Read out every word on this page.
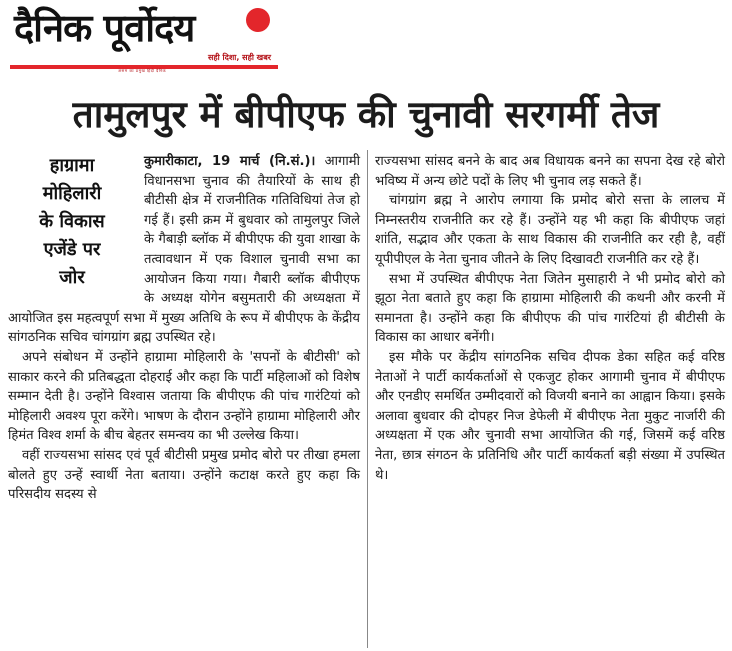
दैनिक पूर्वोदय
सही दिशा, सही खबर
असम का प्रमुख हिंदी दैनिक
तामुलपुर में बीपीएफ की चुनावी सरगर्मी तेज
हाग्रामा
मोहिलारी
के विकास
एजेंडे पर
जोर

कुमारीकाटा, 19 मार्च (नि.सं.)। आगामी विधानसभा चुनाव की तैयारियों के साथ ही बीटीसी क्षेत्र में राजनीतिक गतिविधियां तेज हो गई हैं। इसी क्रम में बुधवार को तामुलपुर जिले के गैबाड़ी ब्लॉक में बीपीएफ की युवा शाखा के तत्वावधान में एक विशाल चुनावी सभा का आयोजन किया गया। गैबारी ब्लॉक बीपीएफ के अध्यक्ष योगेन बसुमतारी की अध्यक्षता में आयोजित इस महत्वपूर्ण सभा में मुख्य अतिथि के रूप में बीपीएफ के केंद्रीय सांगठनिक सचिव चांगग्रांग ब्रह्म उपस्थित रहे।

अपने संबोधन में उन्होंने हाग्रामा मोहिलारी के 'सपनों के बीटीसी' को साकार करने की प्रतिबद्धता दोहराई और कहा कि पार्टी महिलाओं को विशेष सम्मान देती है। उन्होंने विश्वास जताया कि बीपीएफ की पांच गारंटियां को मोहिलारी अवश्य पूरा करेंगे। भाषण के दौरान उन्होंने हाग्रामा मोहिलारी और हिमंत विश्व शर्मा के बीच बेहतर समन्वय का भी उल्लेख किया।

वहीं राज्यसभा सांसद एवं पूर्व बीटीसी प्रमुख प्रमोद बोरो पर तीखा हमला बोलते हुए उन्हें स्वार्थी नेता बताया। उन्होंने कटाक्ष करते हुए कहा कि परिसदीय सदस्य से

राज्यसभा सांसद बनने के बाद अब विधायक बनने का सपना देख रहे बोरो भविष्य में अन्य छोटे पदों के लिए भी चुनाव लड़ सकते हैं।

चांगग्रांग ब्रह्म ने आरोप लगाया कि प्रमोद बोरो सत्ता के लालच में निम्नस्तरीय राजनीति कर रहे हैं। उन्होंने यह भी कहा कि बीपीएफ जहां शांति, सद्भाव और एकता के साथ विकास की राजनीति कर रही है, वहीं यूपीपीएल के नेता चुनाव जीतने के लिए दिखावटी राजनीति कर रहे हैं।

सभा में उपस्थित बीपीएफ नेता जितेन मुसाहारी ने भी प्रमोद बोरो को झूठा नेता बताते हुए कहा कि हाग्रामा मोहिलारी की कथनी और करनी में समानता है। उन्होंने कहा कि बीपीएफ की पांच गारंटियां ही बीटीसी के विकास का आधार बनेंगी।

इस मौके पर केंद्रीय सांगठनिक सचिव दीपक डेका सहित कई वरिष्ठ नेताओं ने पार्टी कार्यकर्ताओं से एकजुट होकर आगामी चुनाव में बीपीएफ और एनडीए समर्थित उम्मीदवारों को विजयी बनाने का आह्वान किया। इसके अलावा बुधवार की दोपहर निज डेफेली में बीपीएफ नेता मुकुट नार्जारी की अध्यक्षता में एक और चुनावी सभा आयोजित की गई, जिसमें कई वरिष्ठ नेता, छात्र संगठन के प्रतिनिधि और पार्टी कार्यकर्ता बड़ी संख्या में उपस्थित थे।
